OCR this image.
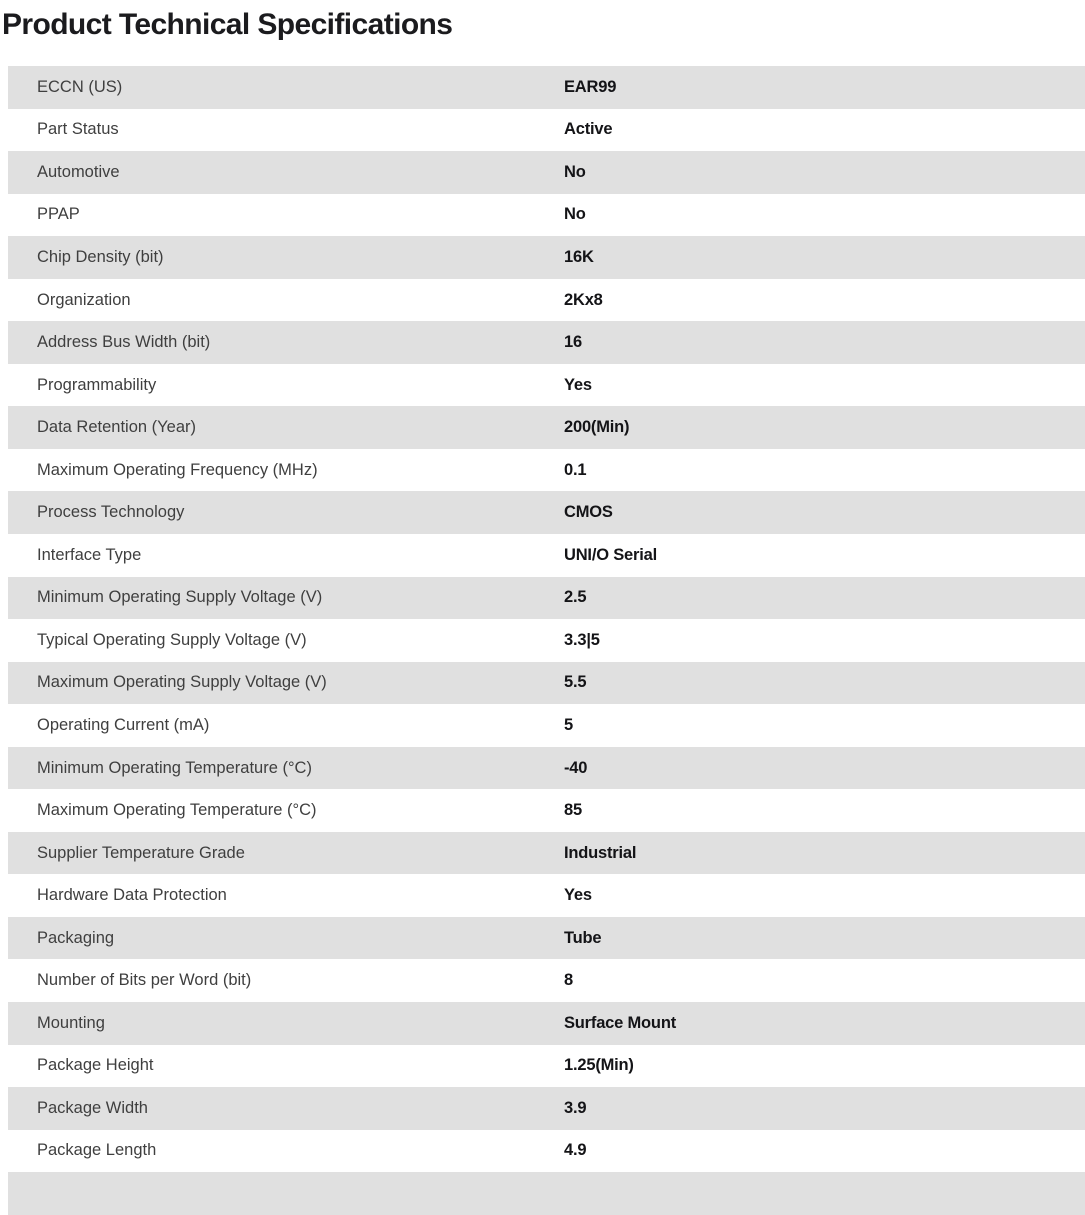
Product Technical Specifications
ECCN (US)	EAR99
Part Status	Active
Automotive	No
PPAP	No
Chip Density (bit)	16K
Organization	2Kx8
Address Bus Width (bit)	16
Programmability	Yes
Data Retention (Year)	200(Min)
Maximum Operating Frequency (MHz)	0.1
Process Technology	CMOS
Interface Type	UNI/O Serial
Minimum Operating Supply Voltage (V)	2.5
Typical Operating Supply Voltage (V)	3.3|5
Maximum Operating Supply Voltage (V)	5.5
Operating Current (mA)	5
Minimum Operating Temperature (°C)	-40
Maximum Operating Temperature (°C)	85
Supplier Temperature Grade	Industrial
Hardware Data Protection	Yes
Packaging	Tube
Number of Bits per Word (bit)	8
Mounting	Surface Mount
Package Height	1.25(Min)
Package Width	3.9
Package Length	4.9
